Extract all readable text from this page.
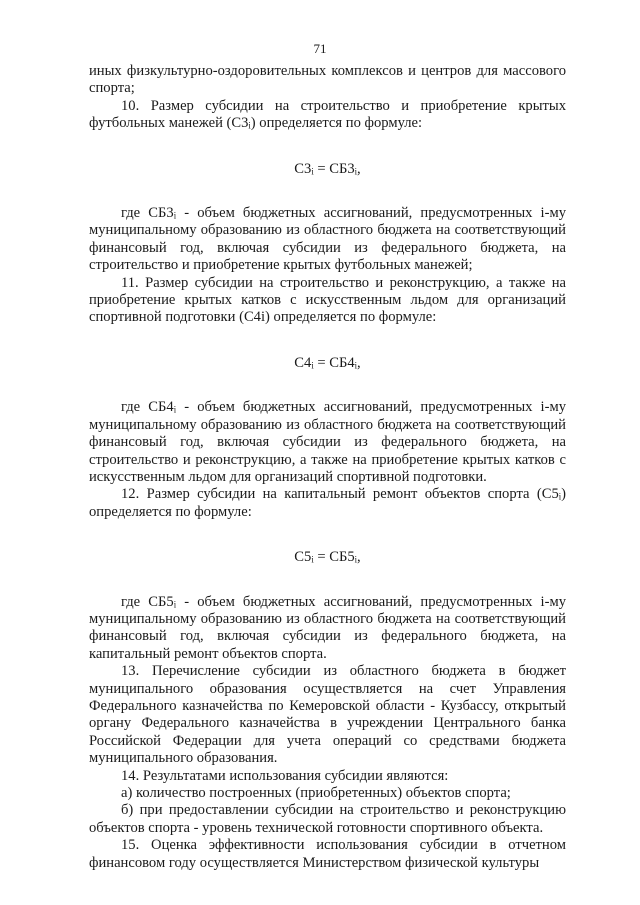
71

иных физкультурно-оздоровительных комплексов и центров для массового спорта;

10. Размер субсидии на строительство и приобретение крытых футбольных манежей (С3ᵢ) определяется по формуле:

С3ᵢ = СБ3ᵢ,

где СБ3ᵢ - объем бюджетных ассигнований, предусмотренных i-му муниципальному образованию из областного бюджета на соответствующий финансовый год, включая субсидии из федерального бюджета, на строительство и приобретение крытых футбольных манежей;

11. Размер субсидии на строительство и реконструкцию, а также на приобретение крытых катков с искусственным льдом для организаций спортивной подготовки (С4i) определяется по формуле:

С4ᵢ = СБ4ᵢ,

где СБ4ᵢ - объем бюджетных ассигнований, предусмотренных i-му муниципальному образованию из областного бюджета на соответствующий финансовый год, включая субсидии из федерального бюджета, на строительство и реконструкцию, а также на приобретение крытых катков с искусственным льдом для организаций спортивной подготовки.

12. Размер субсидии на капитальный ремонт объектов спорта (С5ᵢ) определяется по формуле:

С5ᵢ = СБ5ᵢ,

где СБ5ᵢ - объем бюджетных ассигнований, предусмотренных i-му муниципальному образованию из областного бюджета на соответствующий финансовый год, включая субсидии из федерального бюджета, на капитальный ремонт объектов спорта.

13. Перечисление субсидии из областного бюджета в бюджет муниципального образования осуществляется на счет Управления Федерального казначейства по Кемеровской области - Кузбассу, открытый органу Федерального казначейства в учреждении Центрального банка Российской Федерации для учета операций со средствами бюджета муниципального образования.

14. Результатами использования субсидии являются:

а) количество построенных (приобретенных) объектов спорта;

б) при предоставлении субсидии на строительство и реконструкцию объектов спорта - уровень технической готовности спортивного объекта.

15. Оценка эффективности использования субсидии в отчетном финансовом году осуществляется Министерством физической культуры
